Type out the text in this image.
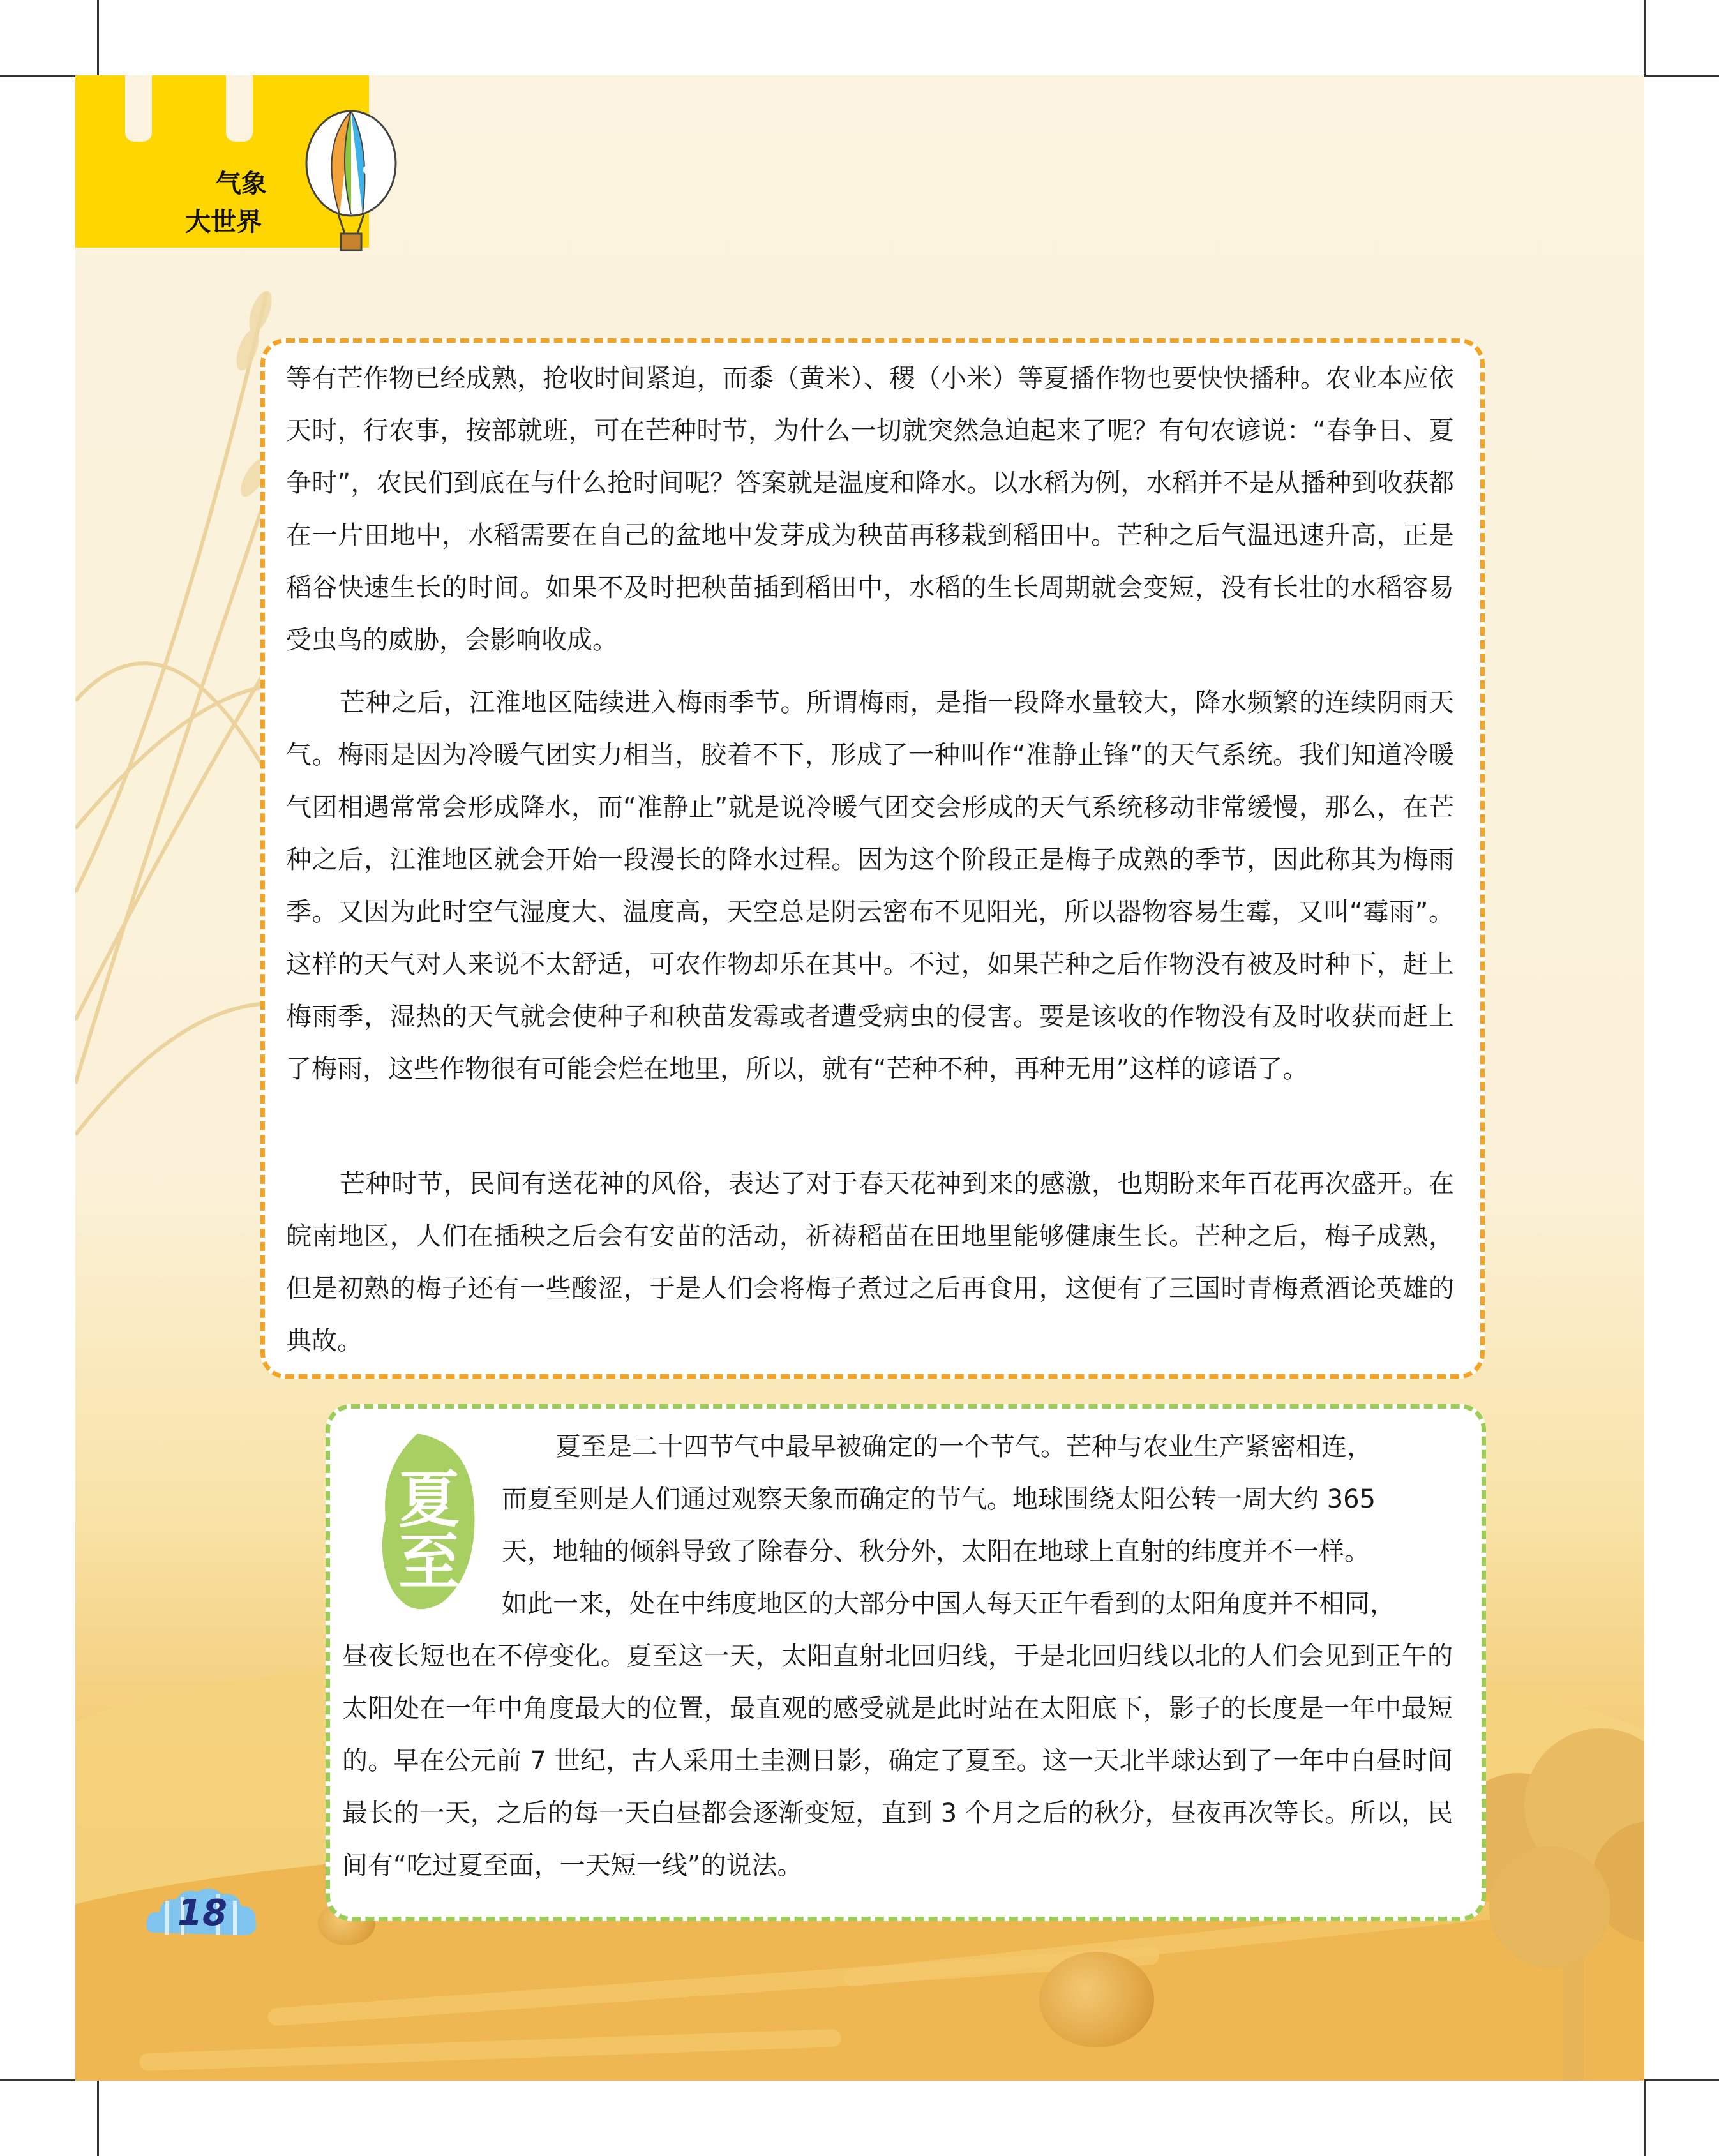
气象
大世界

等有芒作物已经成熟，抢收时间紧迫，而黍（黄米）、稷（小米）等夏播作物也要快快播种。农业本应依天时，行农事，按部就班，可在芒种时节，为什么一切就突然急迫起来了呢？有句农谚说：“春争日、夏争时”，农民们到底在与什么抢时间呢？答案就是温度和降水。以水稻为例，水稻并不是从播种到收获都在一片田地中，水稻需要在自己的盆地中发芽成为秧苗再移栽到稻田中。芒种之后气温迅速升高，正是稻谷快速生长的时间。如果不及时把秧苗插到稻田中，水稻的生长周期就会变短，没有长壮的水稻容易受虫鸟的威胁，会影响收成。

芒种之后，江淮地区陆续进入梅雨季节。所谓梅雨，是指一段降水量较大，降水频繁的连续阴雨天气。梅雨是因为冷暖气团实力相当，胶着不下，形成了一种叫作“准静止锋”的天气系统。我们知道冷暖气团相遇常常会形成降水，而“准静止”就是说冷暖气团交会形成的天气系统移动非常缓慢，那么，在芒种之后，江淮地区就会开始一段漫长的降水过程。因为这个阶段正是梅子成熟的季节，因此称其为梅雨季。又因为此时空气湿度大、温度高，天空总是阴云密布不见阳光，所以器物容易生霉，又叫“霉雨”。这样的天气对人来说不太舒适，可农作物却乐在其中。不过，如果芒种之后作物没有被及时种下，赶上梅雨季，湿热的天气就会使种子和秧苗发霉或者遭受病虫的侵害。要是该收的作物没有及时收获而赶上了梅雨，这些作物很有可能会烂在地里，所以，就有“芒种不种，再种无用”这样的谚语了。

芒种时节，民间有送花神的风俗，表达了对于春天花神到来的感激，也期盼来年百花再次盛开。在皖南地区，人们在插秧之后会有安苗的活动，祈祷稻苗在田地里能够健康生长。芒种之后，梅子成熟，但是初熟的梅子还有一些酸涩，于是人们会将梅子煮过之后再食用，这便有了三国时青梅煮酒论英雄的典故。

夏
至

夏至是二十四节气中最早被确定的一个节气。芒种与农业生产紧密相连，

而夏至则是人们通过观察天象而确定的节气。地球围绕太阳公转一周大约 365

天，地轴的倾斜导致了除春分、秋分外，太阳在地球上直射的纬度并不一样。

如此一来，处在中纬度地区的大部分中国人每天正午看到的太阳角度并不相同，

昼夜长短也在不停变化。夏至这一天，太阳直射北回归线，于是北回归线以北的人们会见到正午的太阳处在一年中角度最大的位置，最直观的感受就是此时站在太阳底下，影子的长度是一年中最短的。早在公元前 7 世纪，古人采用土圭测日影，确定了夏至。这一天北半球达到了一年中白昼时间最长的一天，之后的每一天白昼都会逐渐变短，直到 3 个月之后的秋分，昼夜再次等长。所以，民间有“吃过夏至面，一天短一线”的说法。

18
